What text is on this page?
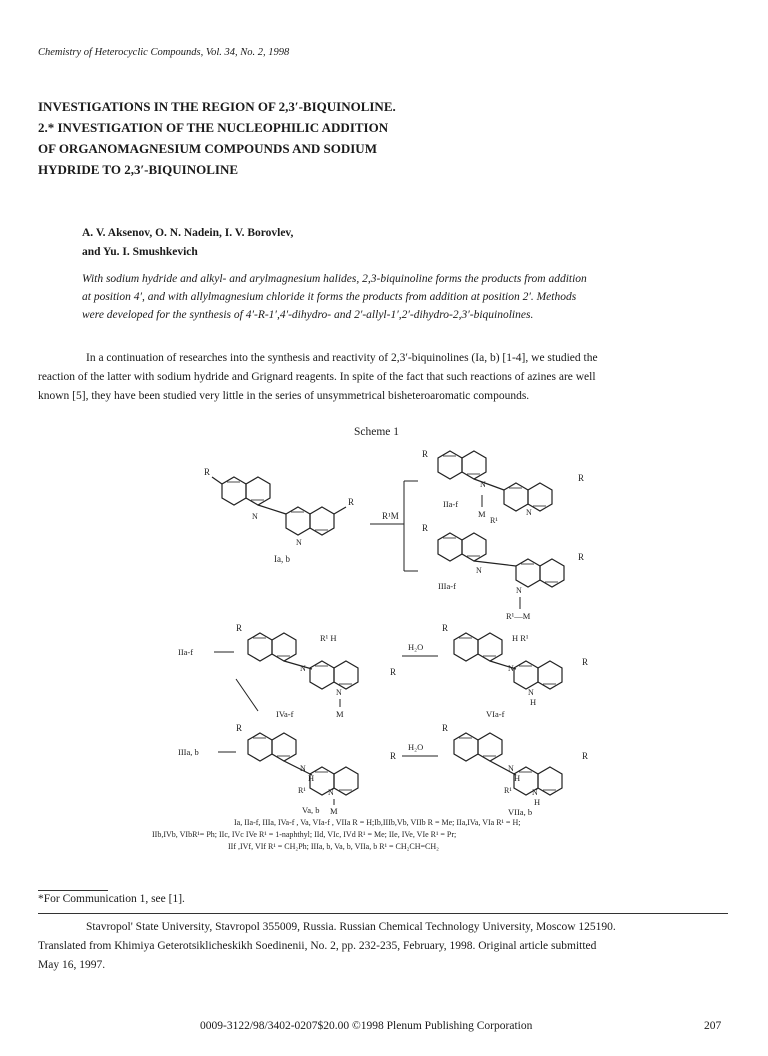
Chemistry of Heterocyclic Compounds, Vol. 34, No. 2, 1998
INVESTIGATIONS IN THE REGION OF 2,3′-BIQUINOLINE.
2.* INVESTIGATION OF THE NUCLEOPHILIC ADDITION
OF ORGANOMAGNESIUM COMPOUNDS AND SODIUM
HYDRIDE TO 2,3′-BIQUINOLINE
A. V. Aksenov, O. N. Nadein, I. V. Borovlev,
and Yu. I. Smushkevich
With sodium hydride and alkyl- and arylmagnesium halides, 2,3-biquinoline forms the products from addition
at position 4′, and with allylmagnesium chloride it forms the products from addition at position 2′. Methods
were developed for the synthesis of 4′-R-1′,4′-dihydro- and 2′-allyl-1′,2′-dihydro-2,3′-biquinolines.
In a continuation of researches into the synthesis and reactivity of 2,3′-biquinolines (Ia, b) [1-4], we studied the
reaction of the latter with sodium hydride and Grignard reagents. In spite of the fact that such reactions of azines are well
known [5], they have been studied very little in the series of unsymmetrical bisheteroaromatic compounds.
Scheme 1
R
N
R
N
Ia, b
R¹M
R
N
N
R
IIa-f
M
R¹
R
N
N
R
IIIa-f
R¹—M
IIa-f
R
R¹ H
R
N
N
M
IVa-f
H₂O
R
H R¹
R
N
N
H
VIa-f
IIIa, b
R
R
N
H
R¹	N
M
Va, b
H₂O
R
R
N
H
R¹	N
H
VIIa, b
Ia, IIa-f, IIIa, IVa-f , Va, VIa-f , VIIa R = H;Ib,IIIb,Vb, VIIb R = Me; IIa,IVa, VIa R¹ = H;
IIb,IVb, VIbR¹= Ph; IIc, IVc IVe R¹ = 1-naphthyl; IId, VIc, IVd R¹ = Me; IIe, IVe, VIe R¹ = Pr;
IIf ,IVf, VIf R¹ = CH₂Ph; IIIa, b, Va, b, VIIa, b R¹ = CH₂CH=CH₂
*For Communication 1, see [1].
Stavropol' State University, Stavropol 355009, Russia. Russian Chemical Technology University, Moscow 125190.
Translated from Khimiya Geterotsiklicheskikh Soedinenii, No. 2, pp. 232-235, February, 1998. Original article submitted
May 16, 1997.
0009-3122/98/3402-0207$20.00 ©1998 Plenum Publishing Corporation	207
